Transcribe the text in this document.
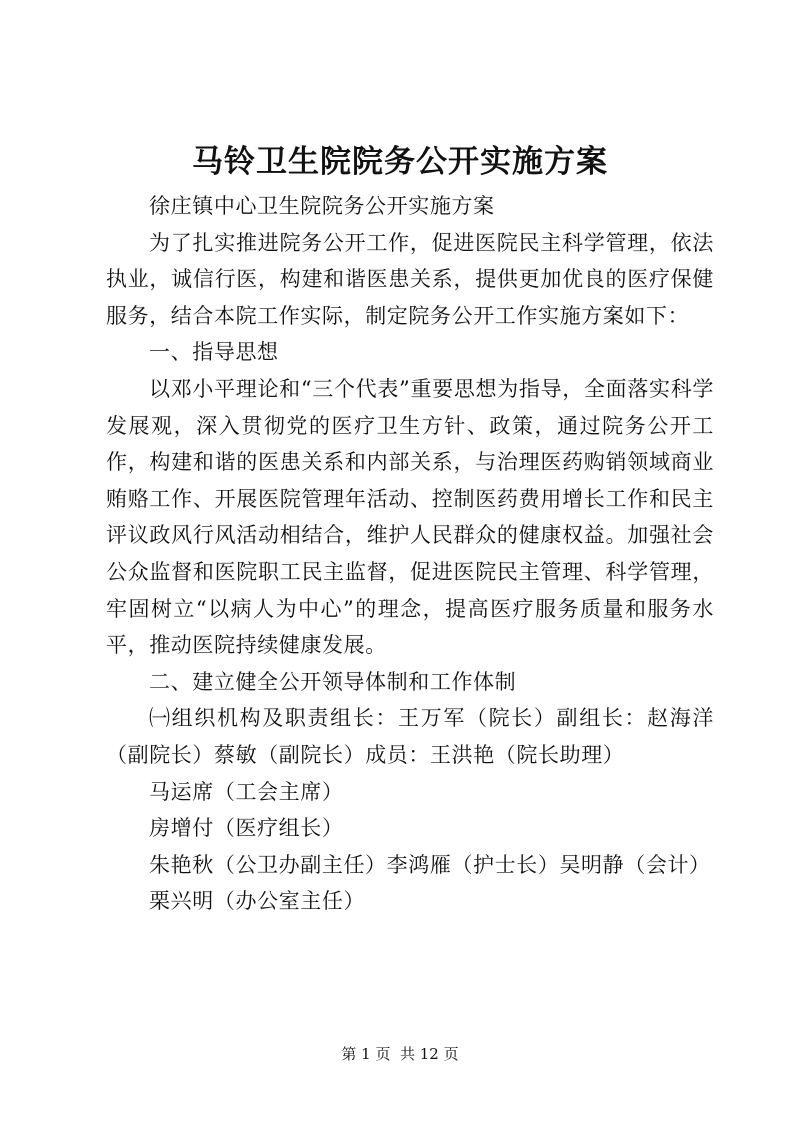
马铃卫生院院务公开实施方案

徐庄镇中心卫生院院务公开实施方案

为了扎实推进院务公开工作，促进医院民主科学管理，依法执业，诚信行医，构建和谐医患关系，提供更加优良的医疗保健服务，结合本院工作实际，制定院务公开工作实施方案如下：

一、指导思想

以邓小平理论和“三个代表”重要思想为指导，全面落实科学发展观，深入贯彻党的医疗卫生方针、政策，通过院务公开工作，构建和谐的医患关系和内部关系，与治理医药购销领域商业贿赂工作、开展医院管理年活动、控制医药费用增长工作和民主评议政风行风活动相结合，维护人民群众的健康权益。加强社会公众监督和医院职工民主监督，促进医院民主管理、科学管理，牢固树立“以病人为中心”的理念，提高医疗服务质量和服务水平，推动医院持续健康发展。

二、建立健全公开领导体制和工作体制

㈠组织机构及职责组长：王万军（院长）副组长：赵海洋（副院长）蔡敏（副院长）成员：王洪艳（院长助理）

马运席（工会主席）

房增付（医疗组长）

朱艳秋（公卫办副主任）李鸿雁（护士长）吴明静（会计）

栗兴明（办公室主任）

第 1 页  共 12 页
